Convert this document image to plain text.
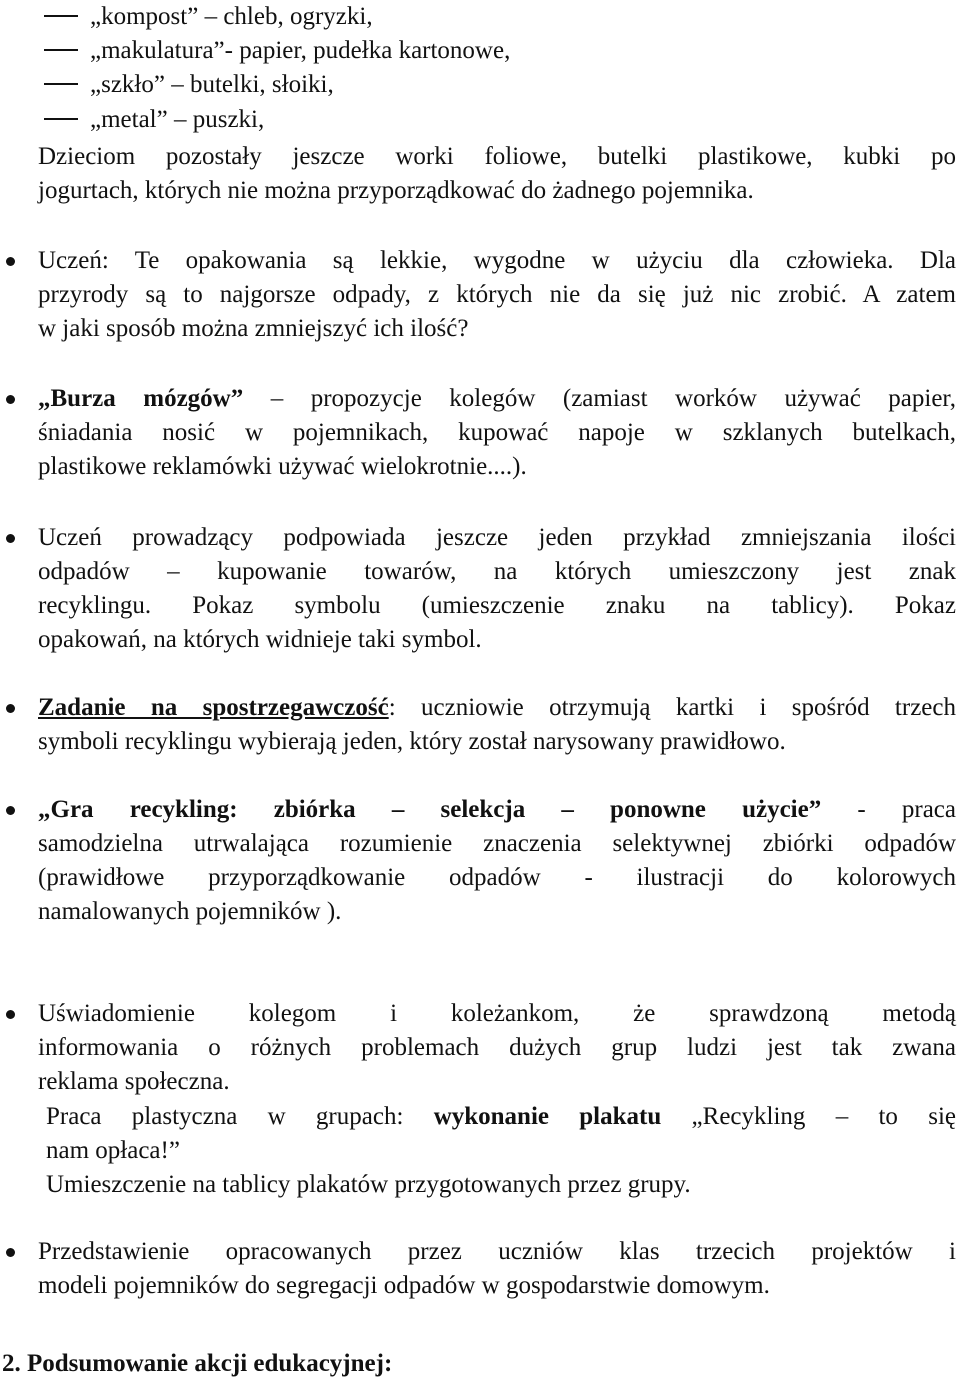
„kompost” – chleb, ogryzki,
„makulatura”- papier, pudełka kartonowe,
„szkło” – butelki, słoiki,
„metal” – puszki,
Dzieciom pozostały jeszcze worki foliowe, butelki plastikowe, kubki po
jogurtach, których nie można przyporządkować do żadnego pojemnika.
Uczeń: Te opakowania są lekkie, wygodne w użyciu dla człowieka. Dla
przyrody są to najgorsze odpady, z których nie da się już nic zrobić. A zatem
w jaki sposób można zmniejszyć ich ilość?
„Burza mózgów” – propozycje kolegów (zamiast worków używać papier,
śniadania nosić w pojemnikach, kupować napoje w szklanych butelkach,
plastikowe reklamówki używać wielokrotnie....).
Uczeń prowadzący podpowiada jeszcze jeden przykład zmniejszania ilości
odpadów – kupowanie towarów, na których umieszczony jest znak
recyklingu. Pokaz symbolu (umieszczenie znaku na tablicy). Pokaz
opakowań, na których widnieje taki symbol.
Zadanie na spostrzegawczość: uczniowie otrzymują kartki i spośród trzech
symboli recyklingu wybierają jeden, który został narysowany prawidłowo.
„Gra recykling: zbiórka – selekcja – ponowne użycie” - praca
samodzielna utrwalająca rozumienie znaczenia selektywnej zbiórki odpadów
(prawidłowe przyporządkowanie odpadów - ilustracji do kolorowych
namalowanych pojemników ).
Uświadomienie kolegom i koleżankom, że sprawdzoną metodą
informowania o różnych problemach dużych grup ludzi jest tak zwana
reklama społeczna.
Praca plastyczna w grupach: wykonanie plakatu „Recykling – to się
nam opłaca!”
Umieszczenie na tablicy plakatów przygotowanych przez grupy.
Przedstawienie opracowanych przez uczniów klas trzecich projektów i
modeli pojemników do segregacji odpadów w gospodarstwie domowym.
2. Podsumowanie akcji edukacyjnej:
